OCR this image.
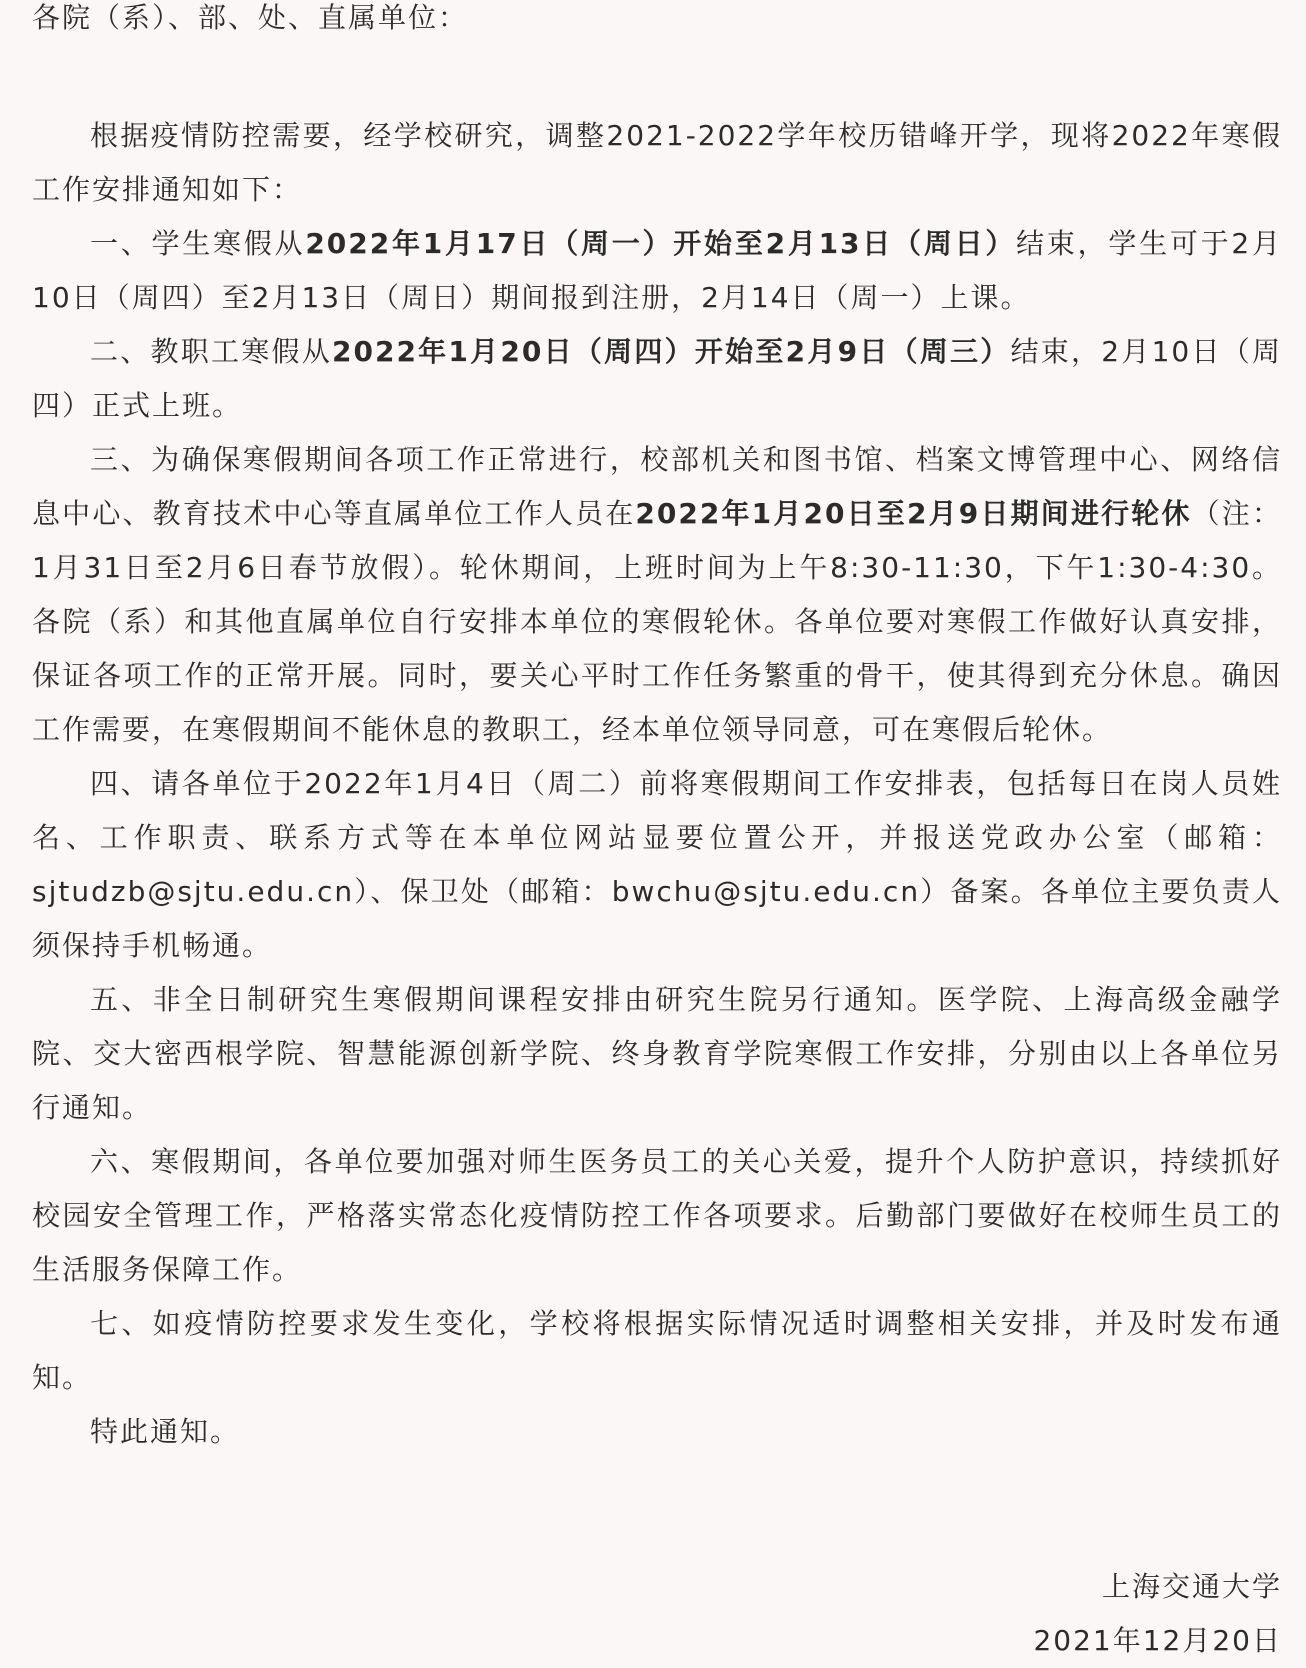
各院（系）、部、处、直属单位：

根据疫情防控需要，经学校研究，调整2021-2022学年校历错峰开学，现将2022年寒假工作安排通知如下：

一、学生寒假从2022年1月17日（周一）开始至2月13日（周日）结束，学生可于2月10日（周四）至2月13日（周日）期间报到注册，2月14日（周一）上课。

二、教职工寒假从2022年1月20日（周四）开始至2月9日（周三）结束，2月10日（周四）正式上班。

三、为确保寒假期间各项工作正常进行，校部机关和图书馆、档案文博管理中心、网络信息中心、教育技术中心等直属单位工作人员在2022年1月20日至2月9日期间进行轮休（注：1月31日至2月6日春节放假）。轮休期间，上班时间为上午8:30-11:30，下午1:30-4:30。各院（系）和其他直属单位自行安排本单位的寒假轮休。各单位要对寒假工作做好认真安排，保证各项工作的正常开展。同时，要关心平时工作任务繁重的骨干，使其得到充分休息。确因工作需要，在寒假期间不能休息的教职工，经本单位领导同意，可在寒假后轮休。

四、请各单位于2022年1月4日（周二）前将寒假期间工作安排表，包括每日在岗人员姓名、工作职责、联系方式等在本单位网站显要位置公开，并报送党政办公室（邮箱：sjtudzb@sjtu.edu.cn）、保卫处（邮箱：bwchu@sjtu.edu.cn）备案。各单位主要负责人须保持手机畅通。

五、非全日制研究生寒假期间课程安排由研究生院另行通知。医学院、上海高级金融学院、交大密西根学院、智慧能源创新学院、终身教育学院寒假工作安排，分别由以上各单位另行通知。

六、寒假期间，各单位要加强对师生医务员工的关心关爱，提升个人防护意识，持续抓好校园安全管理工作，严格落实常态化疫情防控工作各项要求。后勤部门要做好在校师生员工的生活服务保障工作。

七、如疫情防控要求发生变化，学校将根据实际情况适时调整相关安排，并及时发布通知。

特此通知。

上海交通大学
2021年12月20日
